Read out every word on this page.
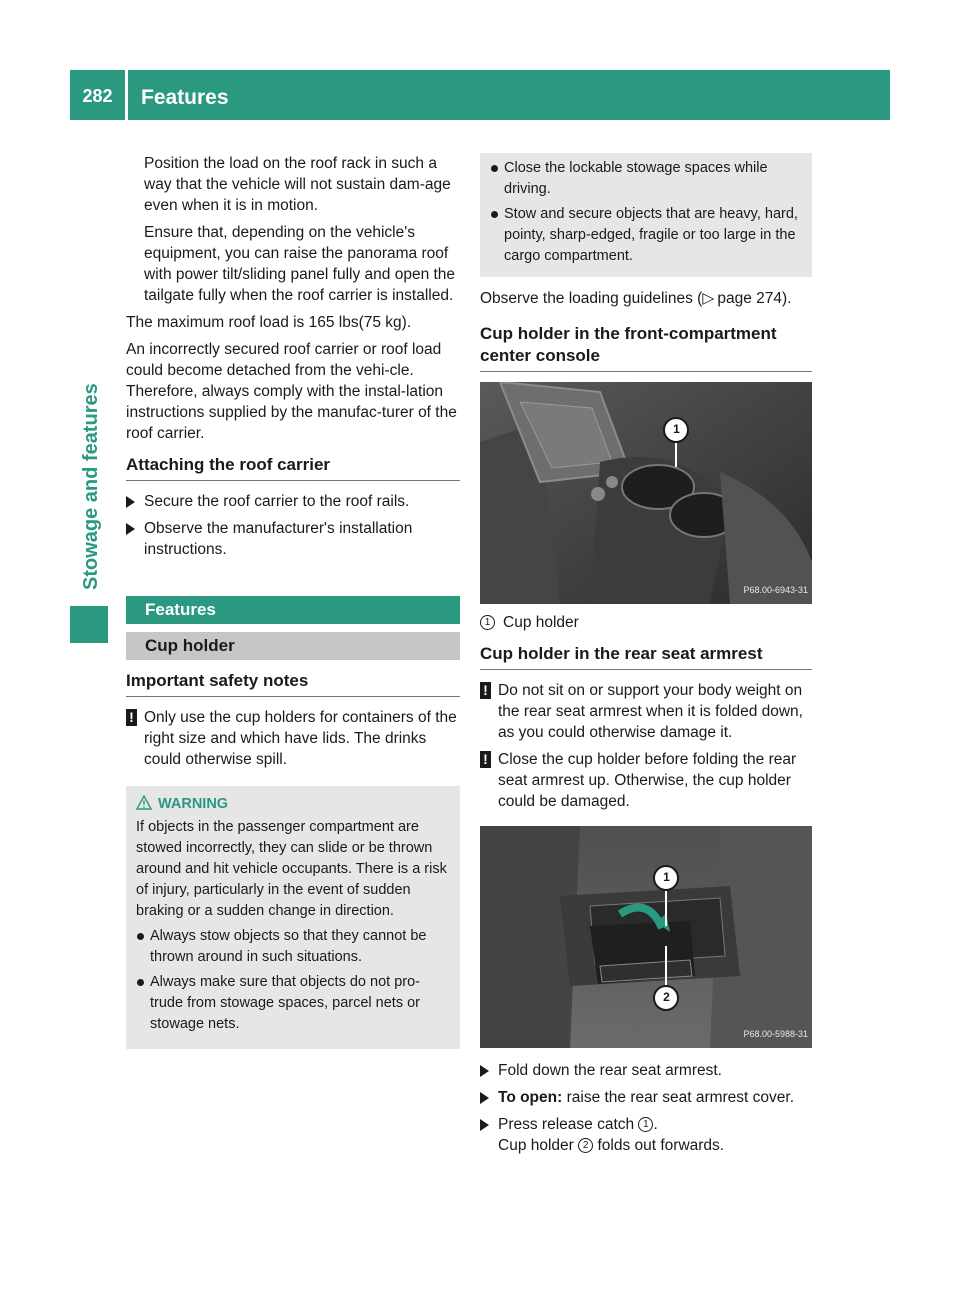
282	Features
Stowage and features

Position the load on the roof rack in such a way that the vehicle will not sustain dam-age even when it is in motion.

Ensure that, depending on the vehicle's equipment, you can raise the panorama roof with power tilt/sliding panel fully and open the tailgate fully when the roof carrier is installed.

The maximum roof load is 165 lbs(75 kg).

An incorrectly secured roof carrier or roof load could become detached from the vehi-cle. Therefore, always comply with the instal-lation instructions supplied by the manufac-turer of the roof carrier.

Attaching the roof carrier
Secure the roof carrier to the roof rails.
Observe the manufacturer's installation instructions.
Features
Cup holder
Important safety notes
! Only use the cup holders for containers of the right size and which have lids. The drinks could otherwise spill.
WARNING

If objects in the passenger compartment are stowed incorrectly, they can slide or be thrown around and hit vehicle occupants. There is a risk of injury, particularly in the event of sudden braking or a sudden change in direction.

Always stow objects so that they cannot be thrown around in such situations.
Always make sure that objects do not pro-trude from stowage spaces, parcel nets or stowage nets.
Close the lockable stowage spaces while driving.
Stow and secure objects that are heavy, hard, pointy, sharp-edged, fragile or too large in the cargo compartment.

Observe the loading guidelines (▷ page 274).

Cup holder in the front-compartment center console
1
P68.00-6943-31
1 Cup holder
Cup holder in the rear seat armrest
! Do not sit on or support your body weight on the rear seat armrest when it is folded down, as you could otherwise damage it.
! Close the cup holder before folding the rear seat armrest up. Otherwise, the cup holder could be damaged.
1
2
P68.00-5988-31
Fold down the rear seat armrest.
To open: raise the rear seat armrest cover.
Press release catch 1 .
Cup holder 2 folds out forwards.
